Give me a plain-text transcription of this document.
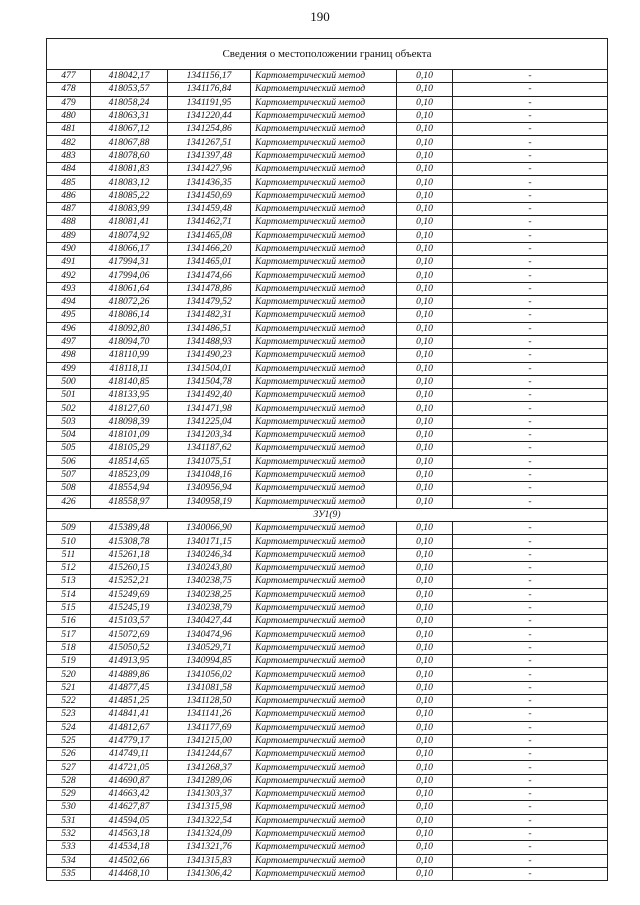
190
Сведения о местоположении границ объекта					
477	418042,17	1341156,17	Картометрический метод	0,10	-
478	418053,57	1341176,84	Картометрический метод	0,10	-
479	418058,24	1341191,95	Картометрический метод	0,10	-
480	418063,31	1341220,44	Картометрический метод	0,10	-
481	418067,12	1341254,86	Картометрический метод	0,10	-
482	418067,88	1341267,51	Картометрический метод	0,10	-
483	418078,60	1341397,48	Картометрический метод	0,10	-
484	418081,83	1341427,96	Картометрический метод	0,10	-
485	418083,12	1341436,35	Картометрический метод	0,10	-
486	418085,22	1341450,69	Картометрический метод	0,10	-
487	418083,99	1341459,48	Картометрический метод	0,10	-
488	418081,41	1341462,71	Картометрический метод	0,10	-
489	418074,92	1341465,08	Картометрический метод	0,10	-
490	418066,17	1341466,20	Картометрический метод	0,10	-
491	417994,31	1341465,01	Картометрический метод	0,10	-
492	417994,06	1341474,66	Картометрический метод	0,10	-
493	418061,64	1341478,86	Картометрический метод	0,10	-
494	418072,26	1341479,52	Картометрический метод	0,10	-
495	418086,14	1341482,31	Картометрический метод	0,10	-
496	418092,80	1341486,51	Картометрический метод	0,10	-
497	418094,70	1341488,93	Картометрический метод	0,10	-
498	418110,99	1341490,23	Картометрический метод	0,10	-
499	418118,11	1341504,01	Картометрический метод	0,10	-
500	418140,85	1341504,78	Картометрический метод	0,10	-
501	418133,95	1341492,40	Картометрический метод	0,10	-
502	418127,60	1341471,98	Картометрический метод	0,10	-
503	418098,39	1341225,04	Картометрический метод	0,10	-
504	418101,09	1341203,34	Картометрический метод	0,10	-
505	418105,29	1341187,62	Картометрический метод	0,10	-
506	418514,65	1341075,51	Картометрический метод	0,10	-
507	418523,09	1341048,16	Картометрический метод	0,10	-
508	418554,94	1340956,94	Картометрический метод	0,10	-
426	418558,97	1340958,19	Картометрический метод	0,10	-
ЗУ1(9)					
509	415389,48	1340066,90	Картометрический метод	0,10	-
510	415308,78	1340171,15	Картометрический метод	0,10	-
511	415261,18	1340246,34	Картометрический метод	0,10	-
512	415260,15	1340243,80	Картометрический метод	0,10	-
513	415252,21	1340238,75	Картометрический метод	0,10	-
514	415249,69	1340238,25	Картометрический метод	0,10	-
515	415245,19	1340238,79	Картометрический метод	0,10	-
516	415103,57	1340427,44	Картометрический метод	0,10	-
517	415072,69	1340474,96	Картометрический метод	0,10	-
518	415050,52	1340529,71	Картометрический метод	0,10	-
519	414913,95	1340994,85	Картометрический метод	0,10	-
520	414889,86	1341056,02	Картометрический метод	0,10	-
521	414877,45	1341081,58	Картометрический метод	0,10	-
522	414851,25	1341128,50	Картометрический метод	0,10	-
523	414841,41	1341141,26	Картометрический метод	0,10	-
524	414812,67	1341177,69	Картометрический метод	0,10	-
525	414779,17	1341215,00	Картометрический метод	0,10	-
526	414749,11	1341244,67	Картометрический метод	0,10	-
527	414721,05	1341268,37	Картометрический метод	0,10	-
528	414690,87	1341289,06	Картометрический метод	0,10	-
529	414663,42	1341303,37	Картометрический метод	0,10	-
530	414627,87	1341315,98	Картометрический метод	0,10	-
531	414594,05	1341322,54	Картометрический метод	0,10	-
532	414563,18	1341324,09	Картометрический метод	0,10	-
533	414534,18	1341321,76	Картометрический метод	0,10	-
534	414502,66	1341315,83	Картометрический метод	0,10	-
535	414468,10	1341306,42	Картометрический метод	0,10	-
